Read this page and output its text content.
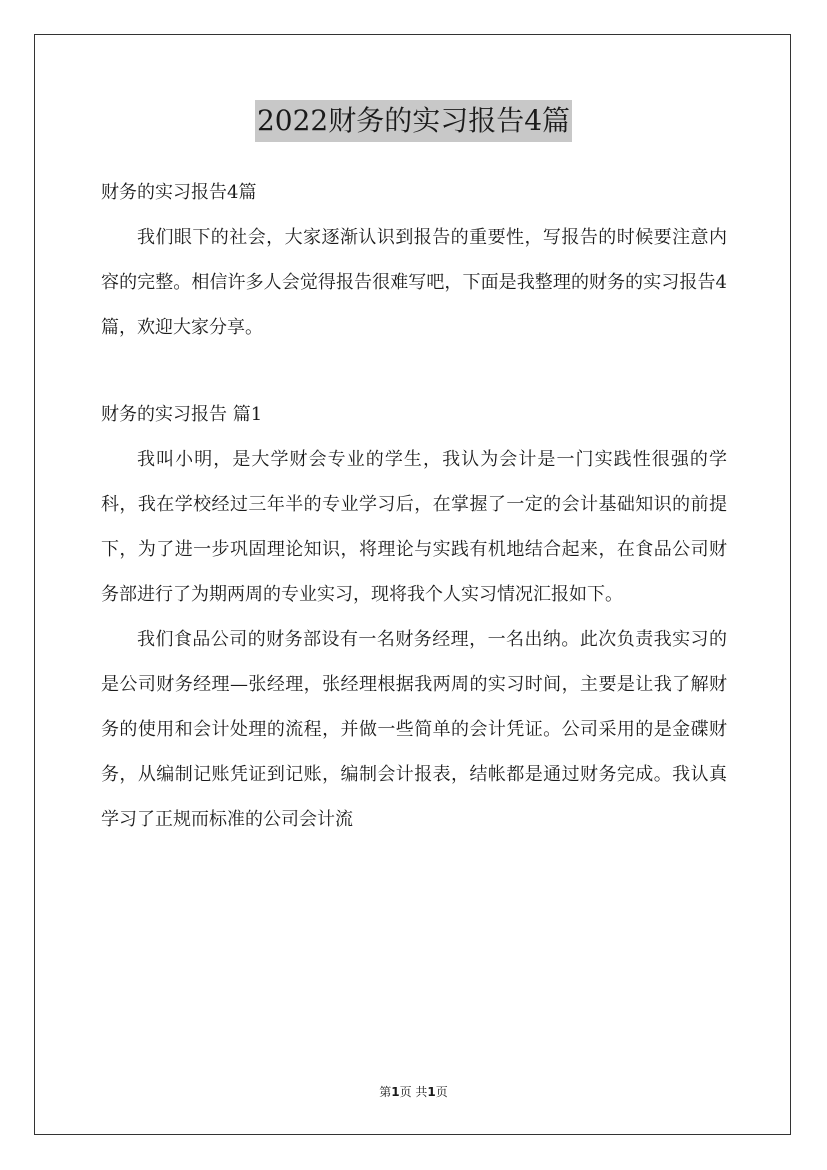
2022财务的实习报告4篇

财务的实习报告4篇

我们眼下的社会，大家逐渐认识到报告的重要性，写报告的时候要注意内容的完整。相信许多人会觉得报告很难写吧，下面是我整理的财务的实习报告4篇，欢迎大家分享。

财务的实习报告 篇1

我叫小明，是大学财会专业的学生，我认为会计是一门实践性很强的学科，我在学校经过三年半的专业学习后，在掌握了一定的会计基础知识的前提下，为了进一步巩固理论知识，将理论与实践有机地结合起来，在食品公司财务部进行了为期两周的专业实习，现将我个人实习情况汇报如下。

我们食品公司的财务部设有一名财务经理，一名出纳。此次负责我实习的是公司财务经理—张经理，张经理根据我两周的实习时间，主要是让我了解财务的使用和会计处理的流程，并做一些简单的会计凭证。公司采用的是金碟财务，从编制记账凭证到记账，编制会计报表，结帐都是通过财务完成。我认真学习了正规而标准的公司会计流

第1页 共1页
